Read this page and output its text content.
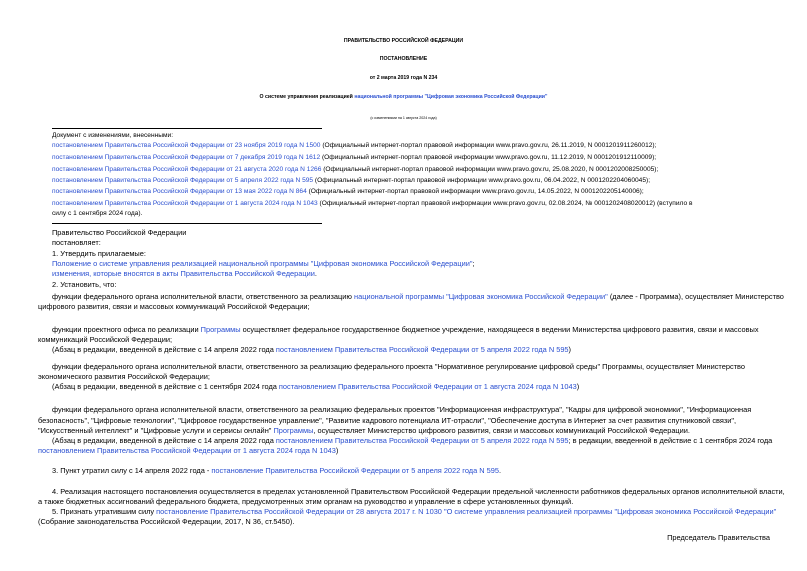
ПРАВИТЕЛЬСТВО РОССИЙСКОЙ ФЕДЕРАЦИИ
ПОСТАНОВЛЕНИЕ
от 2 марта 2019 года N 234
О системе управления реализацией национальной программы "Цифровая экономика Российской Федерации"
(с изменениями на 1 августа 2024 года)
Документ с изменениями, внесенными:
постановлением Правительства Российской Федерации от 23 ноября 2019 года N 1500 (Официальный интернет-портал правовой информации www.pravo.gov.ru, 26.11.2019, N 0001201911260012);
постановлением Правительства Российской Федерации от 7 декабря 2019 года N 1612 (Официальный интернет-портал правовой информации www.pravo.gov.ru, 11.12.2019, N 0001201912110009);
постановлением Правительства Российской Федерации от 21 августа 2020 года N 1266 (Официальный интернет-портал правовой информации www.pravo.gov.ru, 25.08.2020, N 0001202008250005);
постановлением Правительства Российской Федерации от 5 апреля 2022 года N 595 (Официальный интернет-портал правовой информации www.pravo.gov.ru, 06.04.2022, N 0001202204060045);
постановлением Правительства Российской Федерации от 13 мая 2022 года N 864 (Официальный интернет-портал правовой информации www.pravo.gov.ru, 14.05.2022, N 0001202205140006);
постановлением Правительства Российской Федерации от 1 августа 2024 года N 1043 (Официальный интернет-портал правовой информации www.pravo.gov.ru, 02.08.2024, № 0001202408020012) (вступило в
силу с 1 сентября 2024 года).
Правительство Российской Федерации
постановляет:
1. Утвердить прилагаемые:
Положение о системе управления реализацией национальной программы "Цифровая экономика Российской Федерации";
изменения, которые вносятся в акты Правительства Российской Федерации.
2. Установить, что:
функции федерального органа исполнительной власти, ответственного за реализацию национальной программы "Цифровая экономика Российской Федерации" (далее - Программа), осуществляет Министерство
цифрового развития, связи и массовых коммуникаций Российской Федерации;
функции проектного офиса по реализации Программы осуществляет федеральное государственное бюджетное учреждение, находящееся в ведении Министерства цифрового развития, связи и массовых
коммуникаций Российской Федерации;
(Абзац в редакции, введенной в действие с 14 апреля 2022 года постановлением Правительства Российской Федерации от 5 апреля 2022 года N 595)
функции федерального органа исполнительной власти, ответственного за реализацию федерального проекта "Нормативное регулирование цифровой среды" Программы, осуществляет Министерство
экономического развития Российской Федерации;
(Абзац в редакции, введенной в действие с 1 сентября 2024 года постановлением Правительства Российской Федерации от 1 августа 2024 года N 1043)
функции федерального органа исполнительной власти, ответственного за реализацию федеральных проектов "Информационная инфраструктура", "Кадры для цифровой экономики", "Информационная
безопасность", "Цифровые технологии", "Цифровое государственное управление", "Развитие кадрового потенциала ИТ-отрасли", "Обеспечение доступа в Интернет за счет развития спутниковой связи",
"Искусственный интеллект" и "Цифровые услуги и сервисы онлайн" Программы, осуществляет Министерство цифрового развития, связи и массовых коммуникаций Российской Федерации.
(Абзац в редакции, введенной в действие с 14 апреля 2022 года постановлением Правительства Российской Федерации от 5 апреля 2022 года N 595; в редакции, введенной в действие с 1 сентября 2024 года
постановлением Правительства Российской Федерации от 1 августа 2024 года N 1043)
3. Пункт утратил силу с 14 апреля 2022 года - постановление Правительства Российской Федерации от 5 апреля 2022 года N 595.
4. Реализация настоящего постановления осуществляется в пределах установленной Правительством Российской Федерации предельной численности работников федеральных органов исполнительной власти,
а также бюджетных ассигнований федерального бюджета, предусмотренных этим органам на руководство и управление в сфере установленных функций.
5. Признать утратившим силу постановление Правительства Российской Федерации от 28 августа 2017 г. N 1030 "О системе управления реализацией программы "Цифровая экономика Российской Федерации"
(Собрание законодательства Российской Федерации, 2017, N 36, ст.5450).
Председатель Правительства
